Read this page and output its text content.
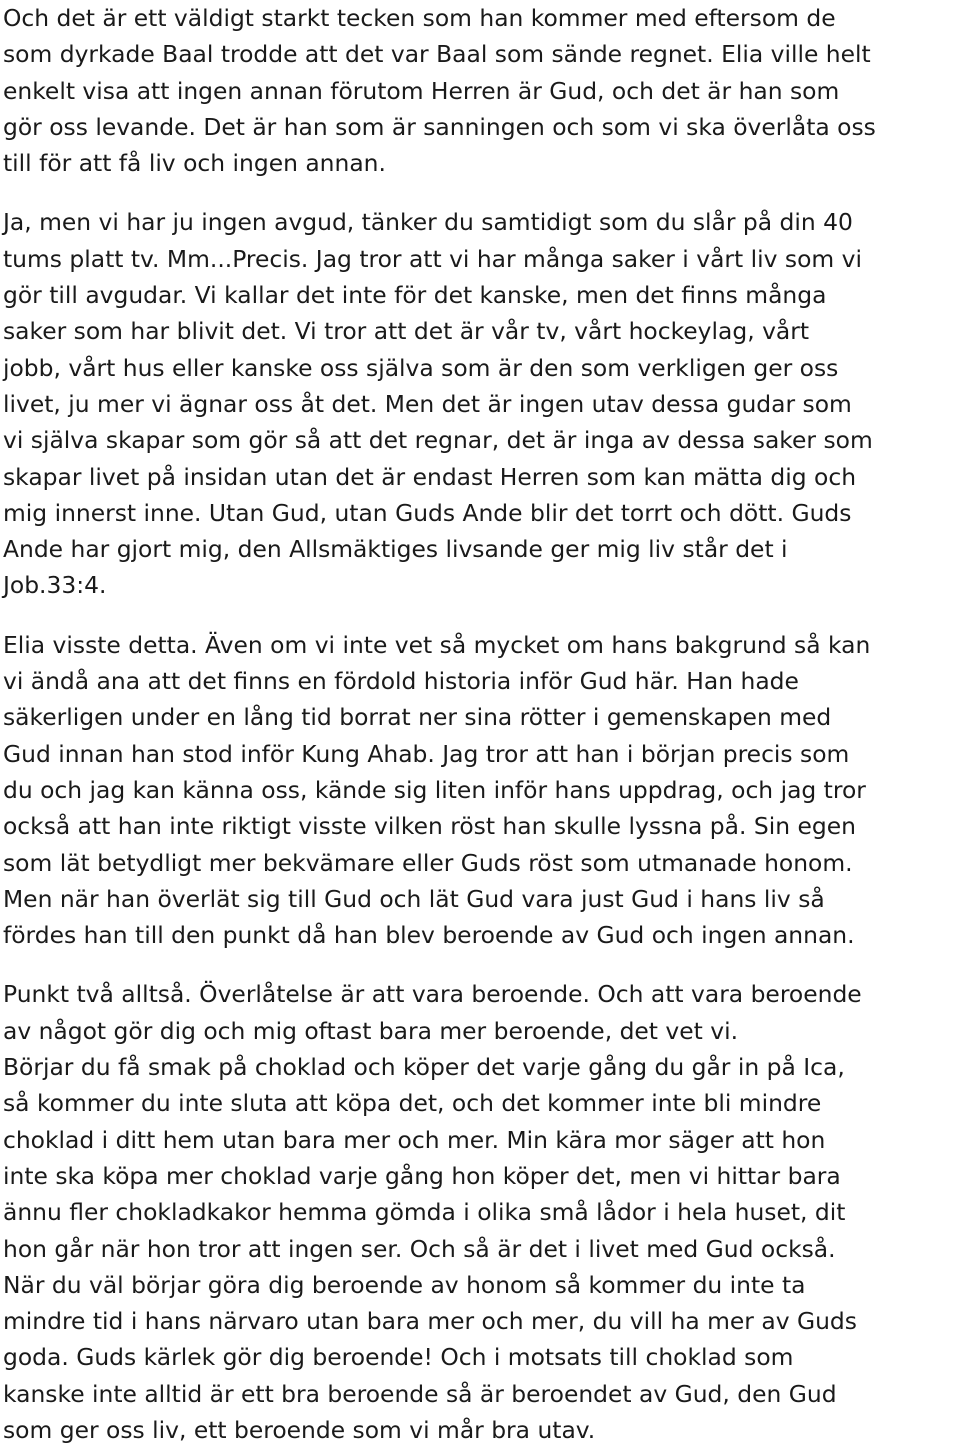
Och det är ett väldigt starkt tecken som han kommer med eftersom de
som dyrkade Baal trodde att det var Baal som sände regnet. Elia ville helt
enkelt visa att ingen annan förutom Herren är Gud, och det är han som
gör oss levande. Det är han som är sanningen och som vi ska överlåta oss
till för att få liv och ingen annan.

Ja, men vi har ju ingen avgud, tänker du samtidigt som du slår på din 40
tums platt tv. Mm...Precis. Jag tror att vi har många saker i vårt liv som vi
gör till avgudar. Vi kallar det inte för det kanske, men det finns många
saker som har blivit det. Vi tror att det är vår tv, vårt hockeylag, vårt
jobb, vårt hus eller kanske oss själva som är den som verkligen ger oss
livet, ju mer vi ägnar oss åt det. Men det är ingen utav dessa gudar som
vi själva skapar som gör så att det regnar, det är inga av dessa saker som
skapar livet på insidan utan det är endast Herren som kan mätta dig och
mig innerst inne. Utan Gud, utan Guds Ande blir det torrt och dött. Guds
Ande har gjort mig, den Allsmäktiges livsande ger mig liv står det i
Job.33:4.

Elia visste detta. Även om vi inte vet så mycket om hans bakgrund så kan
vi ändå ana att det finns en fördold historia inför Gud här. Han hade
säkerligen under en lång tid borrat ner sina rötter i gemenskapen med
Gud innan han stod inför Kung Ahab. Jag tror att han i början precis som
du och jag kan känna oss, kände sig liten inför hans uppdrag, och jag tror
också att han inte riktigt visste vilken röst han skulle lyssna på. Sin egen
som lät betydligt mer bekvämare eller Guds röst som utmanade honom.
Men när han överlät sig till Gud och lät Gud vara just Gud i hans liv så
fördes han till den punkt då han blev beroende av Gud och ingen annan.

Punkt två alltså. Överlåtelse är att vara beroende. Och att vara beroende
av något gör dig och mig oftast bara mer beroende, det vet vi.
Börjar du få smak på choklad och köper det varje gång du går in på Ica,
så kommer du inte sluta att köpa det, och det kommer inte bli mindre
choklad i ditt hem utan bara mer och mer. Min kära mor säger att hon
inte ska köpa mer choklad varje gång hon köper det, men vi hittar bara
ännu fler chokladkakor hemma gömda i olika små lådor i hela huset, dit
hon går när hon tror att ingen ser. Och så är det i livet med Gud också.
När du väl börjar göra dig beroende av honom så kommer du inte ta
mindre tid i hans närvaro utan bara mer och mer, du vill ha mer av Guds
goda. Guds kärlek gör dig beroende! Och i motsats till choklad som
kanske inte alltid är ett bra beroende så är beroendet av Gud, den Gud
som ger oss liv, ett beroende som vi mår bra utav.
